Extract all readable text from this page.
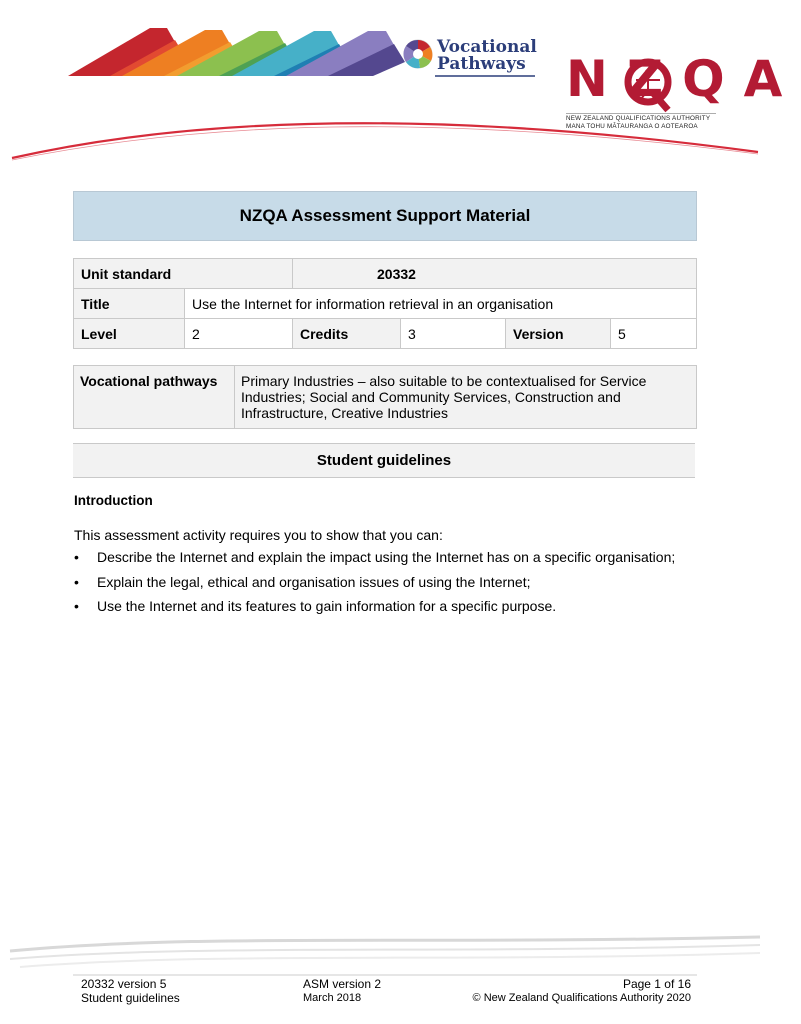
Vocational
Pathways NZQA
NEW ZEALAND QUALIFICATIONS AUTHORITY
MANA TOHU MĀTAURANGA O AOTEAROA
NZQA Assessment Support Material
Unit standard		20332			
Title	Use the Internet for information retrieval in an organisation				
Level	2	Credits	3	Version	5
Vocational pathways	Primary Industries – also suitable to be contextualised for Service Industries; Social and Community Services, Construction and Infrastructure, Creative Industries
Student guidelines
Introduction
This assessment activity requires you to show that you can:
• Describe the Internet and explain the impact using the Internet has on a specific organisation;
• Explain the legal, ethical and organisation issues of using the Internet;
• Use the Internet and its features to gain information for a specific purpose.
20332 version 5
Student guidelines
ASM version 2
March 2018
Page 1 of 16
© New Zealand Qualifications Authority 2020
